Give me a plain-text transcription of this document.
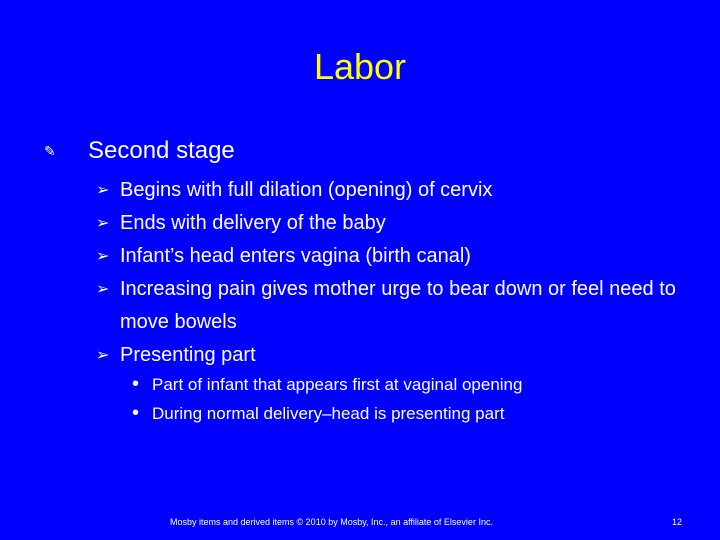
Labor
✎	Second stage
➢ Begins with full dilation (opening) of cervix
➢ Ends with delivery of the baby
➢ Infant’s head enters vagina (birth canal)
➢ Increasing pain gives mother urge to bear down or feel need to move bowels
➢ Presenting part
• Part of infant that appears first at vaginal opening
• During normal delivery–head is presenting part
Mosby items and derived items © 2010 by Mosby, Inc., an affiliate of Elsevier Inc.	12
